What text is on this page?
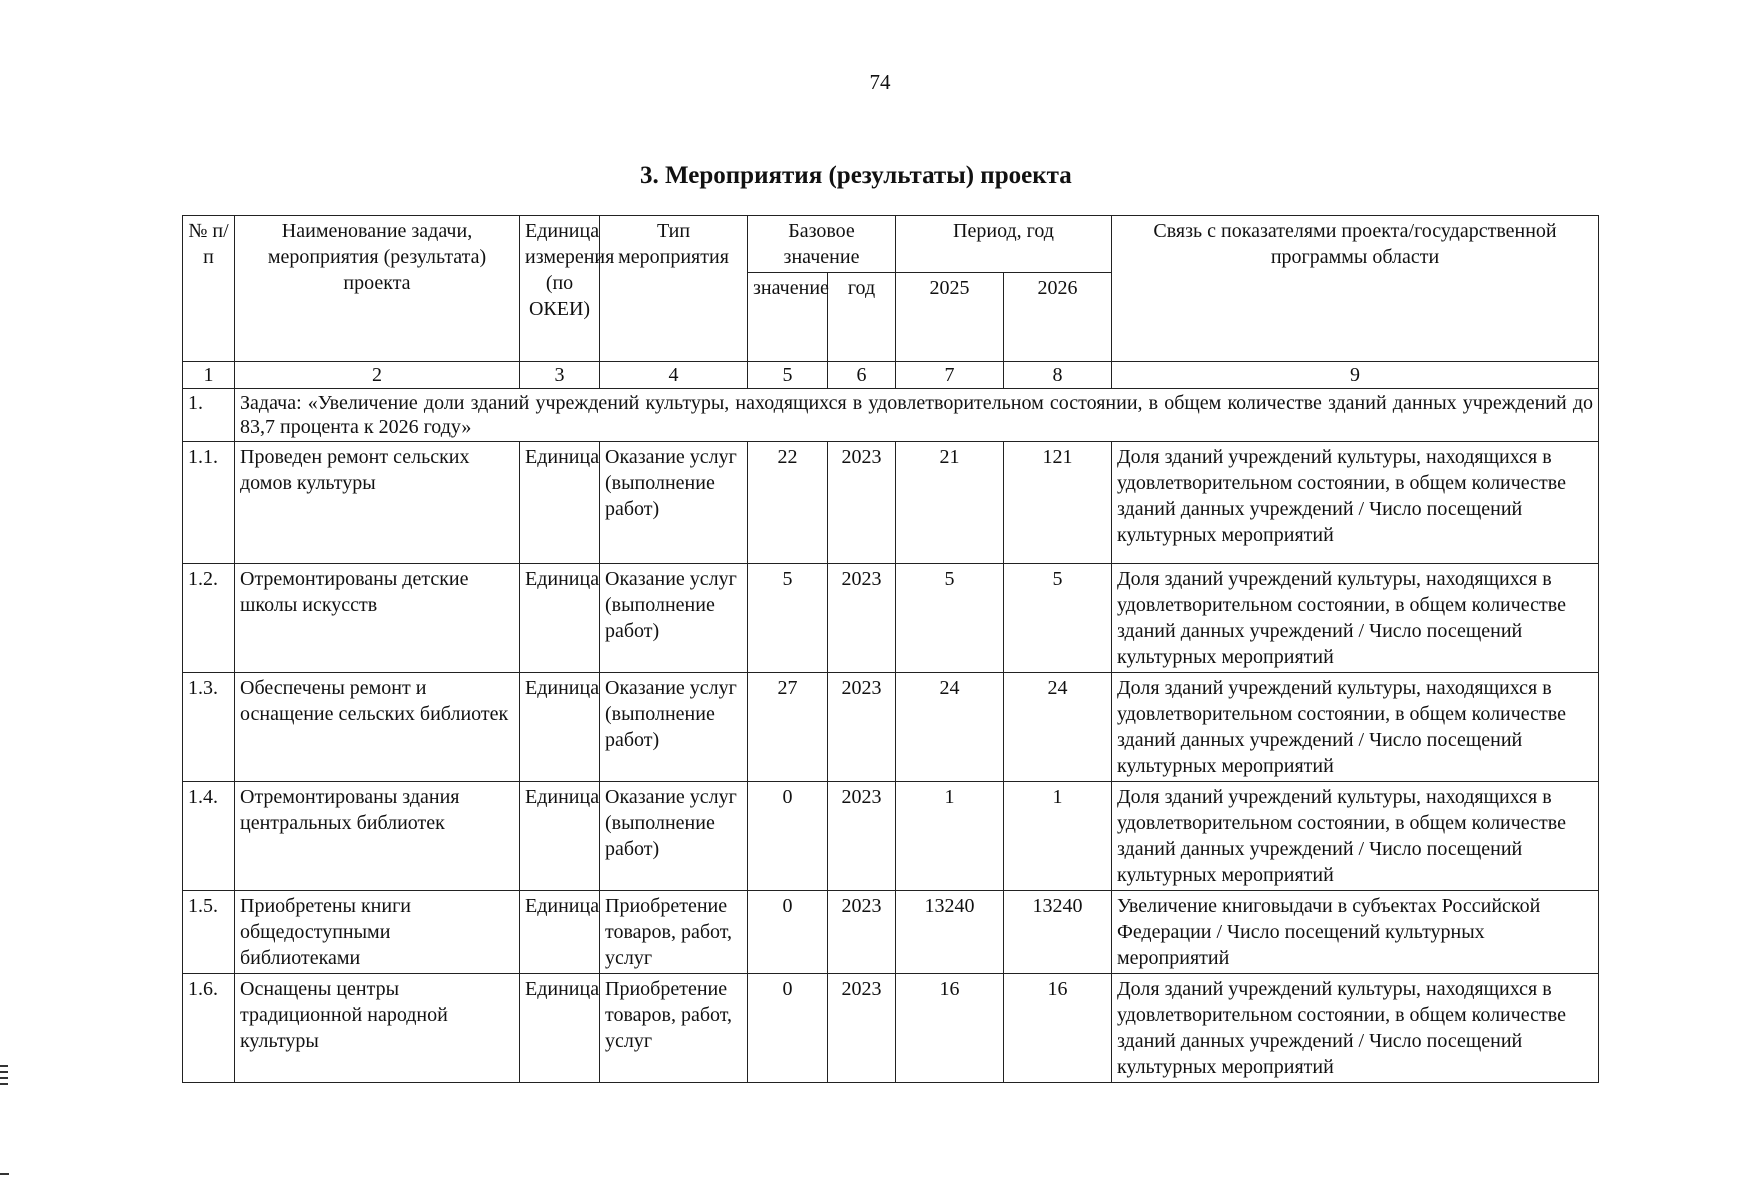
74
3. Мероприятия (результаты) проекта
№ п/п	Наименование задачи, мероприятия (результата) проекта	Единица измерения (по ОКЕИ)	Тип мероприятия	Базовое значение		Период, год		Связь с показателями проекта/государственной программы области
				значение	год	2025	2026	
1	2	3	4	5	6	7	8	9
1.	Задача: «Увеличение доли зданий учреждений культуры, находящихся в удовлетворительном состоянии, в общем количестве зданий данных учреждений до 83,7 процента к 2026 году»							
1.1.	Проведен ремонт сельских домов культуры	Единица	Оказание услуг (выполнение работ)	22	2023	21	121	Доля зданий учреждений культуры, находящихся в удовлетворительном состоянии, в общем количестве зданий данных учреждений / Число посещений культурных мероприятий
1.2.	Отремонтированы детские школы искусств	Единица	Оказание услуг (выполнение работ)	5	2023	5	5	Доля зданий учреждений культуры, находящихся в удовлетворительном состоянии, в общем количестве зданий данных учреждений / Число посещений культурных мероприятий
1.3.	Обеспечены ремонт и оснащение сельских библиотек	Единица	Оказание услуг (выполнение работ)	27	2023	24	24	Доля зданий учреждений культуры, находящихся в удовлетворительном состоянии, в общем количестве зданий данных учреждений / Число посещений культурных мероприятий
1.4.	Отремонтированы здания центральных библиотек	Единица	Оказание услуг (выполнение работ)	0	2023	1	1	Доля зданий учреждений культуры, находящихся в удовлетворительном состоянии, в общем количестве зданий данных учреждений / Число посещений культурных мероприятий
1.5.	Приобретены книги общедоступными библиотеками	Единица	Приобретение товаров, работ, услуг	0	2023	13240	13240	Увеличение книговыдачи в субъектах Российской Федерации / Число посещений культурных мероприятий
1.6.	Оснащены центры традиционной народной культуры	Единица	Приобретение товаров, работ, услуг	0	2023	16	16	Доля зданий учреждений культуры, находящихся в удовлетворительном состоянии, в общем количестве зданий данных учреждений / Число посещений культурных мероприятий
